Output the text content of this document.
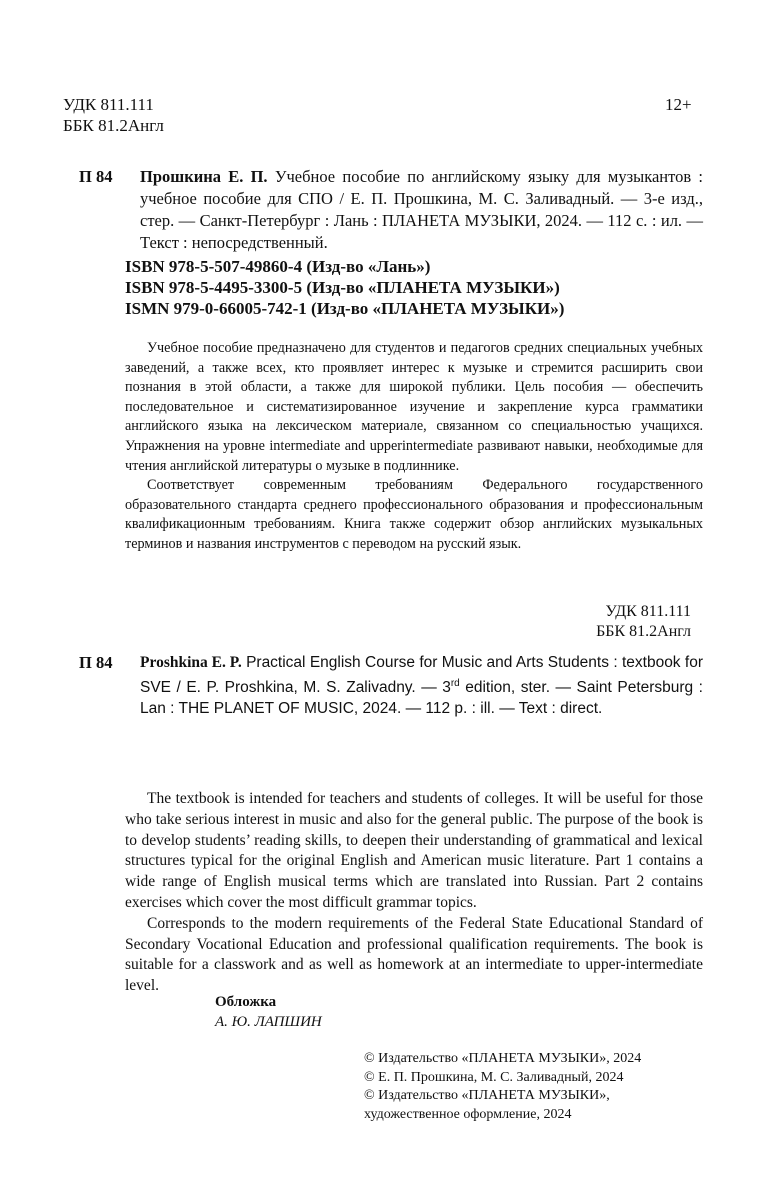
УДК 811.111
ББК 81.2Англ
12+
П 84 Прошкина Е. П. Учебное пособие по английскому языку для музыкантов : учебное пособие для СПО / Е. П. Прошкина, М. С. Заливадный. — 3-е изд., стер. — Санкт-Петербург : Лань : ПЛАНЕТА МУЗЫКИ, 2024. — 112 с. : ил. — Текст : непосредственный.
ISBN 978-5-507-49860-4 (Изд-во «Лань»)
ISBN 978-5-4495-3300-5 (Изд-во «ПЛАНЕТА МУЗЫКИ»)
ISMN 979-0-66005-742-1 (Изд-во «ПЛАНЕТА МУЗЫКИ»)

Учебное пособие предназначено для студентов и педагогов средних специальных учебных заведений, а также всех, кто проявляет интерес к музыке и стремится расширить свои познания в этой области, а также для широкой публики. Цель пособия — обеспечить последовательное и систематизированное изучение и закрепление курса грамматики английского языка на лексическом материале, связанном со специальностью учащихся. Упражнения на уровне intermediate and upperintermediate развивают навыки, необходимые для чтения английской литературы о музыке в подлиннике.

Соответствует современным требованиям Федерального государственного образовательного стандарта среднего профессионального образования и профессиональным квалификационным требованиям. Книга также содержит обзор английских музыкальных терминов и названия инструментов с переводом на русский язык.

УДК 811.111
ББК 81.2Англ
П 84 Proshkina E. P. Practical English Course for Music and Arts Students : textbook for SVE / E. P. Proshkina, M. S. Zalivadny. — 3rd edition, ster. — Saint Petersburg : Lan : THE PLANET OF MUSIC, 2024. — 112 p. : ill. — Text : direct.

The textbook is intended for teachers and students of colleges. It will be useful for those who take serious interest in music and also for the general public. The purpose of the book is to develop students’ reading skills, to deepen their understanding of grammatical and lexical structures typical for the original English and American music literature. Part 1 contains a wide range of English musical terms which are translated into Russian. Part 2 contains exercises which cover the most difficult grammar topics.

Corresponds to the modern requirements of the Federal State Educational Standard of Secondary Vocational Education and professional qualification requirements. The book is suitable for a classwork and as well as homework at an intermediate to upper-intermediate level.

Обложка
А. Ю. ЛАПШИН
© Издательство «ПЛАНЕТА МУЗЫКИ», 2024
© Е. П. Прошкина, М. С. Заливадный, 2024
© Издательство «ПЛАНЕТА МУЗЫКИ»,
художественное оформление, 2024
